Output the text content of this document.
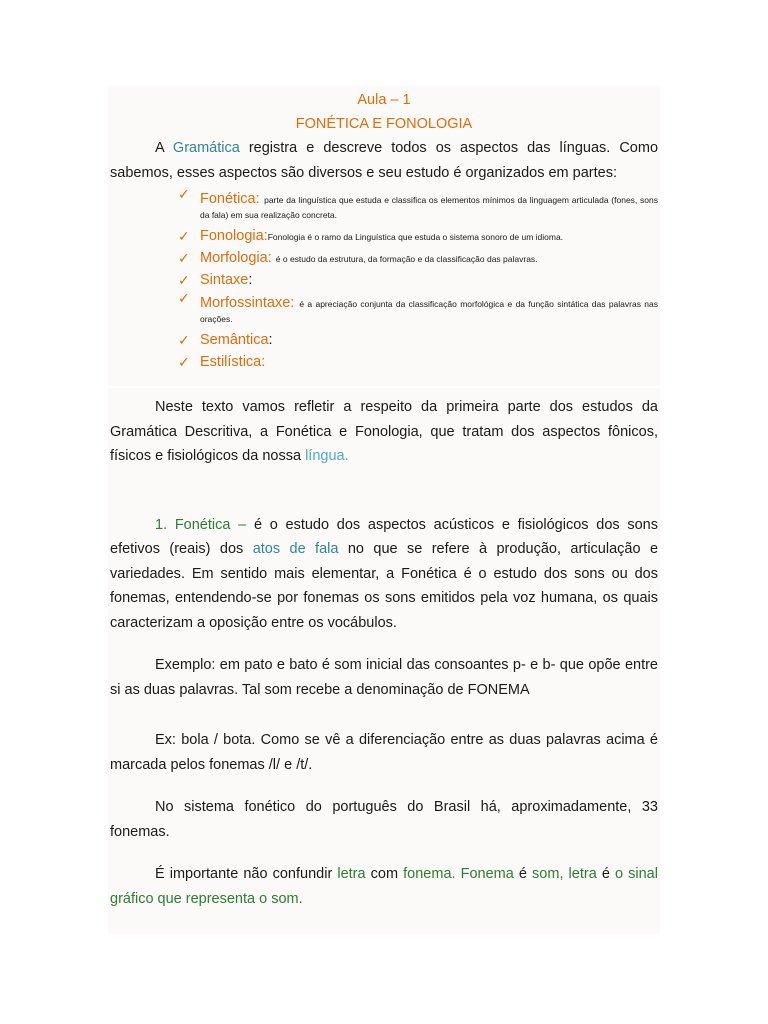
Aula – 1
FONÉTICA E FONOLOGIA

A Gramática registra e descreve todos os aspectos das línguas. Como sabemos, esses aspectos são diversos e seu estudo é organizados em partes:

✓ Fonética: parte da linguística que estuda e classifica os elementos mínimos da linguagem articulada (fones, sons da fala) em sua realização concreta.
✓ Fonologia:Fonologia é o ramo da Linguística que estuda o sistema sonoro de um idioma.
✓ Morfologia: é o estudo da estrutura, da formação e da classificação das palavras.
✓ Sintaxe:
✓ Morfossintaxe: é a apreciação conjunta da classificação morfológica e da função sintática das palavras nas orações.
✓ Semântica:
✓ Estilística:

Neste texto vamos refletir a respeito da primeira parte dos estudos da Gramática Descritiva, a Fonética e Fonologia, que tratam dos aspectos fônicos, físicos e fisiológicos da nossa língua.

1. Fonética – é o estudo dos aspectos acústicos e fisiológicos dos sons efetivos (reais) dos atos de fala no que se refere à produção, articulação e variedades. Em sentido mais elementar, a Fonética é o estudo dos sons ou dos fonemas, entendendo-se por fonemas os sons emitidos pela voz humana, os quais caracterizam a oposição entre os vocábulos.

Exemplo: em pato e bato é som inicial das consoantes p- e b- que opõe entre si as duas palavras. Tal som recebe a denominação de FONEMA

Ex: bola / bota. Como se vê a diferenciação entre as duas palavras acima é marcada pelos fonemas /l/ e /t/.

No sistema fonético do português do Brasil há, aproximadamente, 33 fonemas.

É importante não confundir letra com fonema. Fonema é som, letra é o sinal gráfico que representa o som.
